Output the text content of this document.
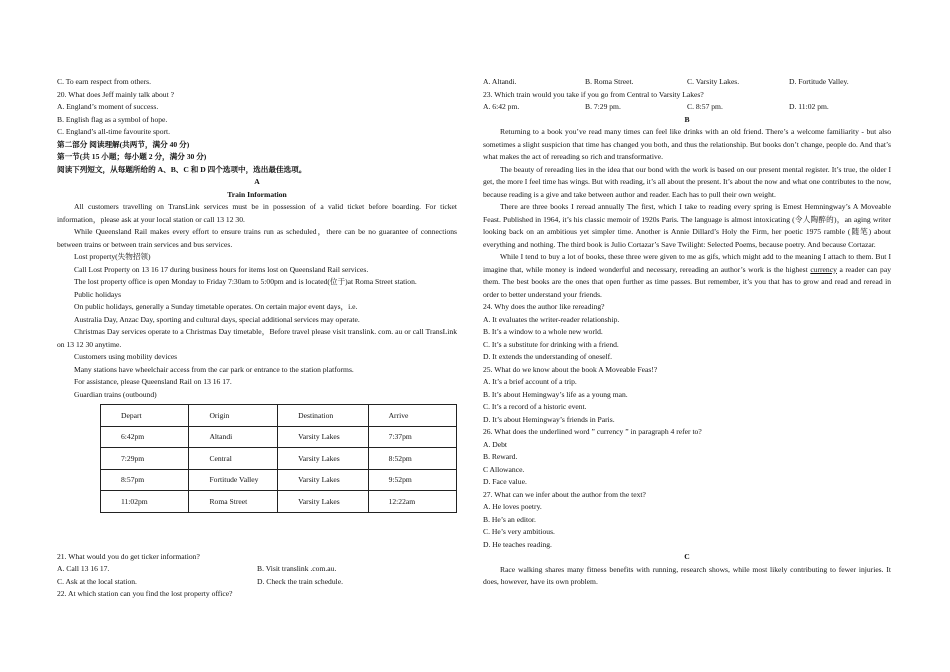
C. To earn respect from others.
20. What does Jeff mainly talk about ?
A. England’s moment of success.
B. English flag as a symbol of hope.
C. England’s all-time favourite sport.
第二部分 阅读理解(共两节，满分 40 分)
第一节(共 15 小题；每小题 2 分，满分 30 分)
阅读下列短文，从每题所给的 A、B、C 和 D 四个选项中，选出最佳选项。
A
Train Information
All customers travelling on TransLink services must be in possession of a valid ticket before boarding. For ticket information，please ask at your local station or call 13 12 30.
While Queensland Rail makes every effort to ensure trains run as scheduled，there can be no guarantee of connections between trains or between train services and bus services.
Lost property(失物招领)
Call Lost Property on 13 16 17 during business hours for items lost on Queensland Rail services.
The lost property office is open Monday to Friday 7:30am to 5:00pm and is located(位于)at Roma Street station.
Public holidays
On public holidays, generally a Sunday timetable operates. On certain major event days，i.e.
Australia Day, Anzac Day, sporting and cultural days, special additional services may operate.
Christmas Day services operate to a Christmas Day timetable，Before travel please visit translink. com. au or call TransLink on 13 12 30 anytime.
Customers using mobility devices
Many stations have wheelchair access from the car park or entrance to the station platforms.
For assistance, please Queensland Rail on 13 16 17.
Guardian trains (outbound)
Depart	Origin	Destination	Arrive
6:42pm	Altandi	Varsity Lakes	7:37pm
7:29pm	Central	Varsity Lakes	8:52pm
8:57pm	Fortitude Valley	Varsity Lakes	9:52pm
11:02pm	Roma Street	Varsity Lakes	12:22am
21. What would you do get ticker information?
A. Call 13 16 17.	B. Visit translink .com.au.
C. Ask at the local station.	D. Check the train schedule.
22. At which station can you find the lost property office?
A. Altandi.	B. Roma Street.	C. Varsity Lakes.	D. Fortitude Valley.
23. Which train would you take if you go from Central to Varsity Lakes?
A. 6:42 pm.	B. 7:29 pm.	C. 8:57 pm.	D. 11:02 pm.
B
Returning to a book you’ve read many times can feel like drinks with an old friend. There’s a welcome familiarity - but also sometimes a slight suspicion that time has changed you both, and thus the relationship. But books don’t change, people do. And that’s what makes the act of rereading so rich and transformative.
The beauty of rereading lies in the idea that our bond with the work is based on our present mental register. It’s true, the older I get, the more I feel time has wings. But with reading, it’s all about the present. It’s about the now and what one contributes to the now, because reading is a give and take between author and reader. Each has to pull their own weight.
There are three books I reread annually The first, which I take to reading every spring is Emest Hemningway’s A Moveable Feast. Published in 1964, it’s his classic memoir of 1920s Paris. The language is almost intoxicating (令人陶醉的)，an aging writer looking back on an ambitious yet simpler time. Another is Annie Dillard’s Holy the Firm, her poetic 1975 ramble (随笔) about everything and nothing. The third book is Julio Cortazar’s Save Twilight: Selected Poems, because poetry. And because Cortazar.
While I tend to buy a lot of books, these three were given to me as gifs, which might add to the meaning I attach to them. But I imagine that, while money is indeed wonderful and necessary, rereading an author’s work is the highest currency a reader can pay them. The best books are the ones that open further as time passes. But remember, it’s you that has to grow and read and reread in order to better understand your friends.
24. Why does the author like rereading?
A. It evaluates the writer-reader relationship.
B. It’s a window to a whole new world.
C. It’s a substitute for drinking with a friend.
D. It extends the understanding of oneself.
25. What do we know about the book A Moveable Feas!?
A. It’s a brief account of a trip.
B. It’s about Hemingway’s life as a young man.
C. It’s a record of a historic event.
D. It’s about Hemingway’s friends in Paris.
26. What does the underlined word ” currency ” in paragraph 4 refer to?
A. Debt
B. Reward.
C Allowance.
D. Face value.
27. What can we infer about the author from the text?
A. He loves poetry.
B. He’s an editor.
C. He’s very ambitious.
D. He teaches reading.
C
Race walking shares many fitness benefits with running, research shows, while most likely contributing to fewer injuries. It does, however, have its own problem.
